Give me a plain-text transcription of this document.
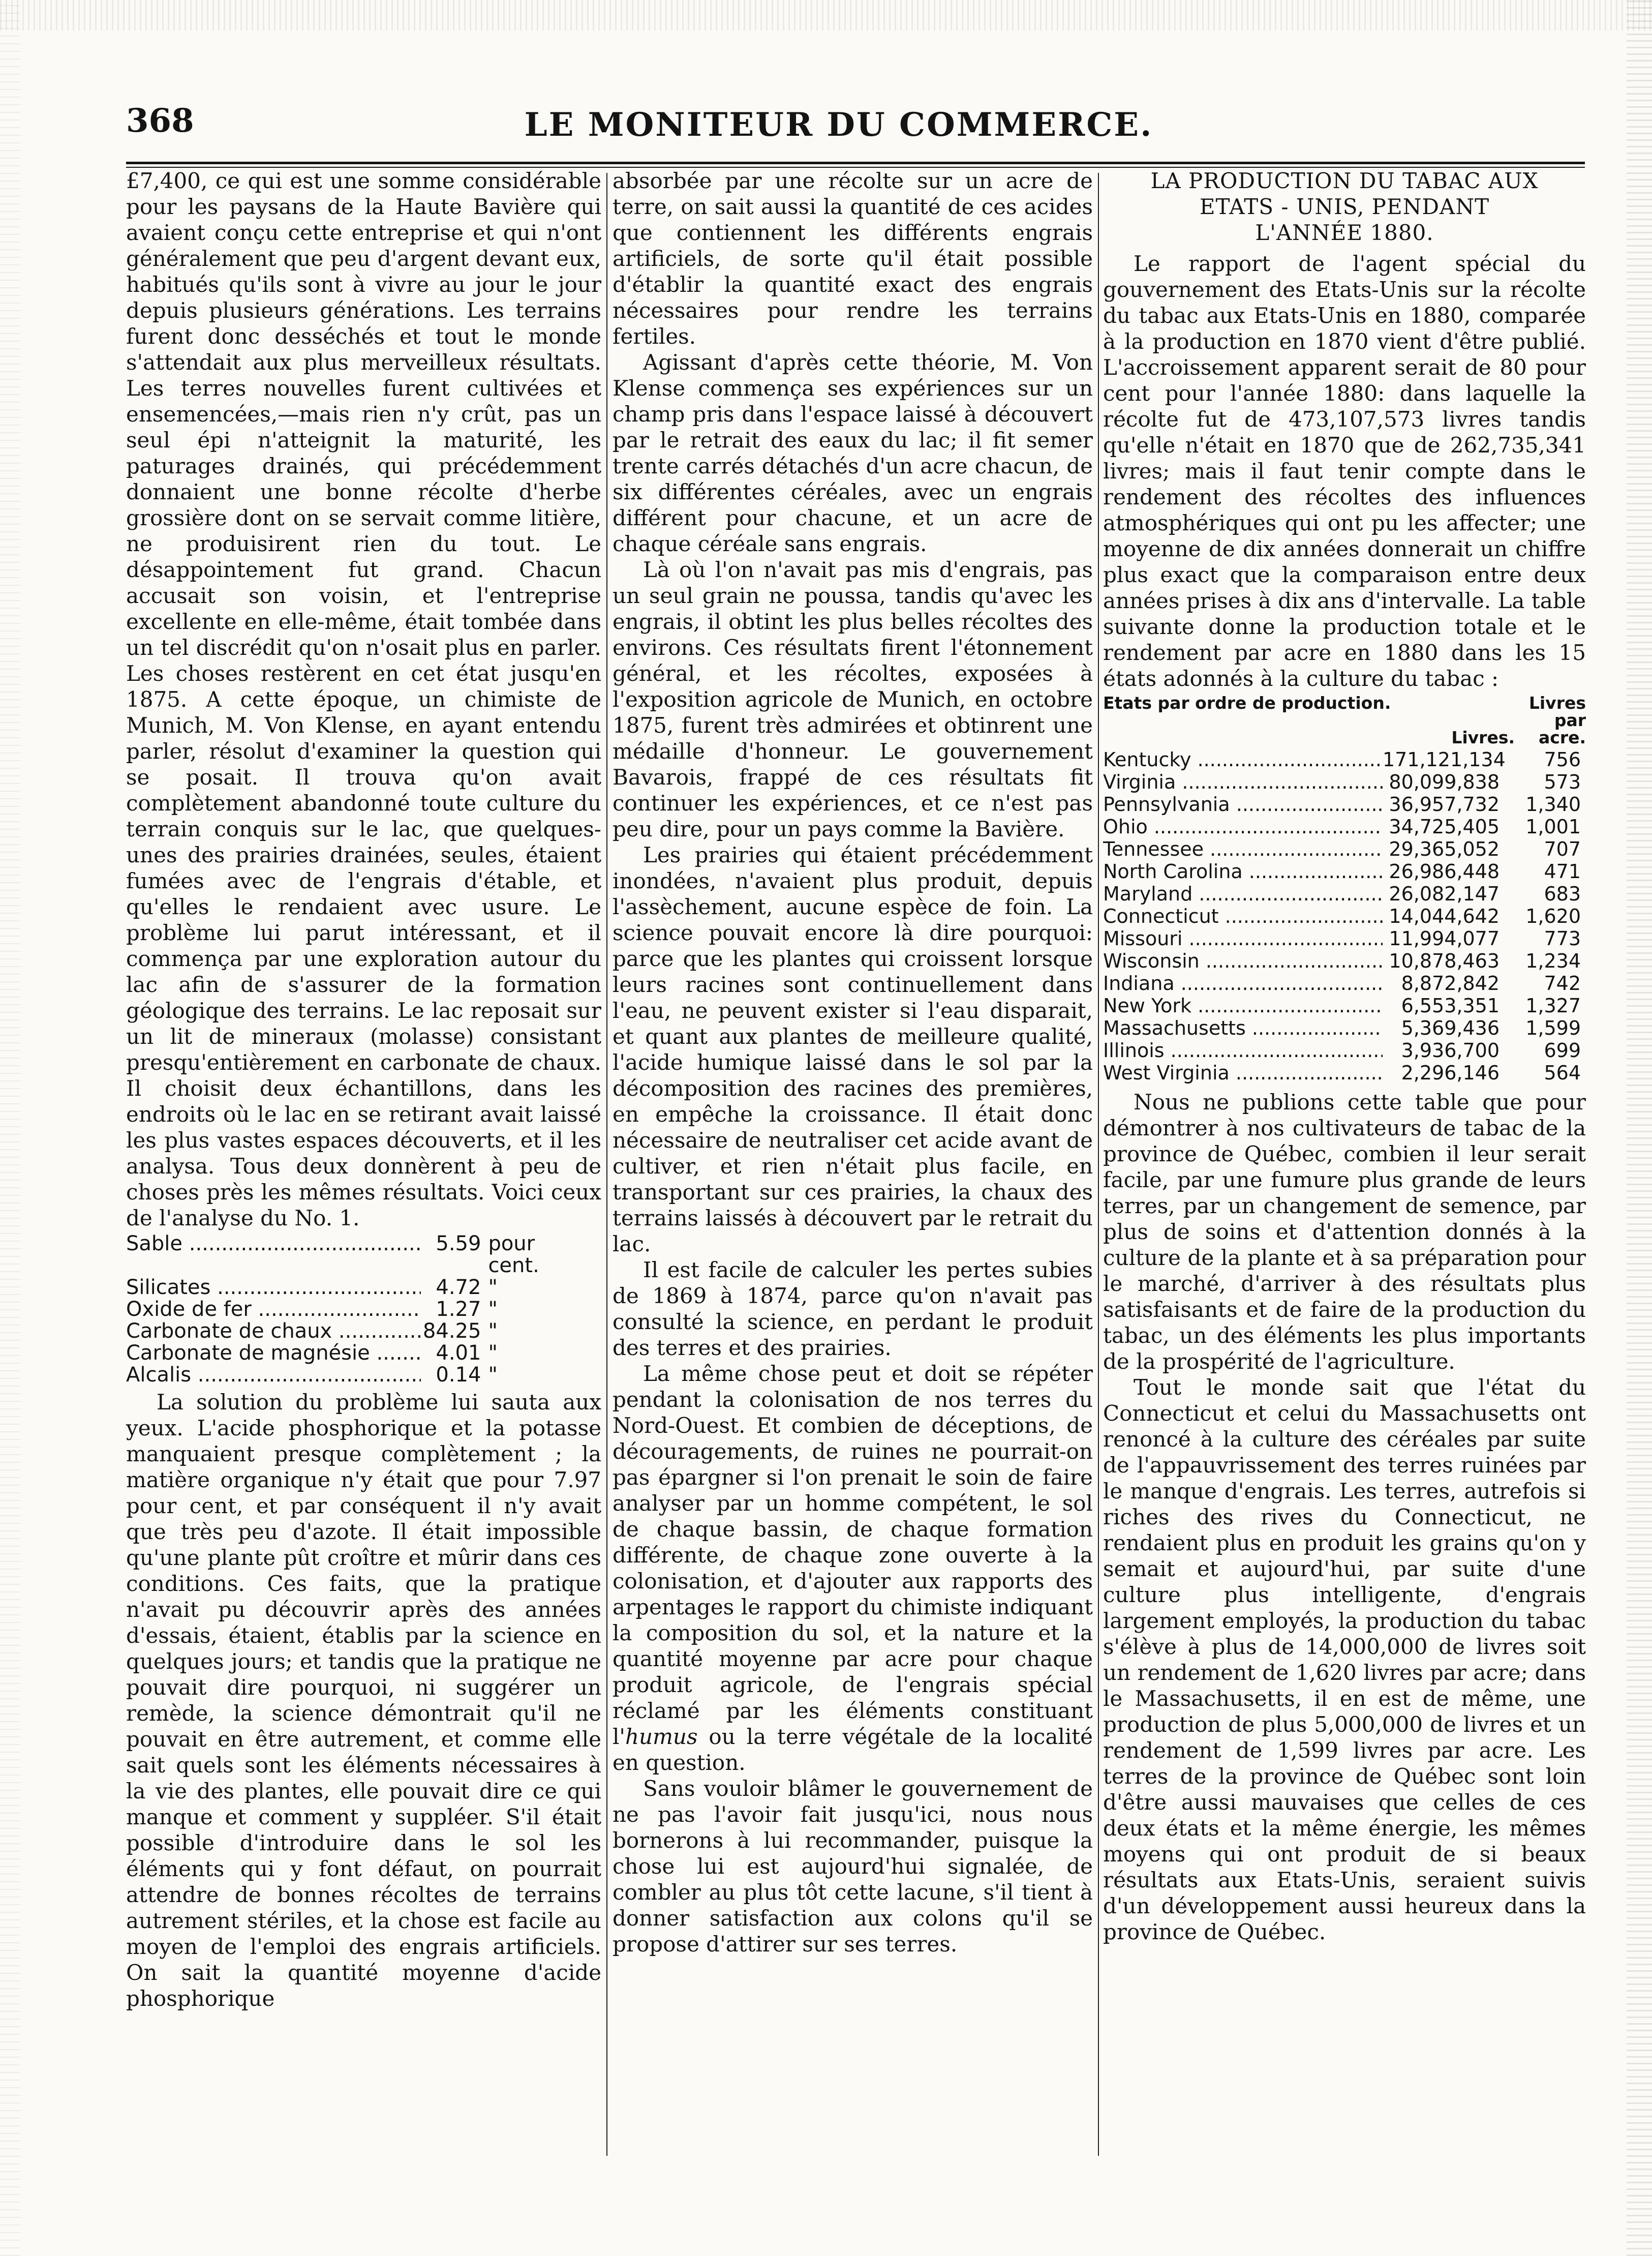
368	LE MONITEUR DU COMMERCE.

£7,400, ce qui est une somme considérable pour les paysans de la Haute Bavière qui avaient conçu cette entreprise et qui n'ont généralement que peu d'argent devant eux, habitués qu'ils sont à vivre au jour le jour depuis plusieurs générations. Les terrains furent donc desséchés et tout le monde s'attendait aux plus merveilleux résultats. Les terres nouvelles furent cultivées et ensemencées,—mais rien n'y crût, pas un seul épi n'atteignit la maturité, les paturages drainés, qui précédemment donnaient une bonne récolte d'herbe grossière dont on se servait comme litière, ne produisirent rien du tout. Le désappointement fut grand. Chacun accusait son voisin, et l'entreprise excellente en elle-même, était tombée dans un tel discrédit qu'on n'osait plus en parler. Les choses restèrent en cet état jusqu'en 1875. A cette époque, un chimiste de Munich, M. Von Klense, en ayant entendu parler, résolut d'examiner la question qui se posait. Il trouva qu'on avait complètement abandonné toute culture du terrain conquis sur le lac, que quelques-unes des prairies drainées, seules, étaient fumées avec de l'engrais d'étable, et qu'elles le rendaient avec usure. Le problème lui parut intéressant, et il commença par une exploration autour du lac afin de s'assurer de la formation géologique des terrains. Le lac reposait sur un lit de mineraux (molasse) consistant presqu'entièrement en carbonate de chaux. Il choisit deux échantillons, dans les endroits où le lac en se retirant avait laissé les plus vastes espaces découverts, et il les analysa. Tous deux donnèrent à peu de choses près les mêmes résultats. Voici ceux de l'analyse du No. 1.

Sable .....	5.59 pour cent.
Silicates .....	4.72 "
Oxide de fer .....	1.27 "
Carbonate de chaux .....	84.25 "
Carbonate de magnésie .....	4.01 "
Alcalis .....	0.14 "

La solution du problème lui sauta aux yeux. L'acide phosphorique et la potasse manquaient presque complètement ; la matière organique n'y était que pour 7.97 pour cent, et par conséquent il n'y avait que très peu d'azote. Il était impossible qu'une plante pût croître et mûrir dans ces conditions. Ces faits, que la pratique n'avait pu découvrir après des années d'essais, étaient, établis par la science en quelques jours; et tandis que la pratique ne pouvait dire pourquoi, ni suggérer un remède, la science démontrait qu'il ne pouvait en être autrement, et comme elle sait quels sont les éléments nécessaires à la vie des plantes, elle pouvait dire ce qui manque et comment y suppléer. S'il était possible d'introduire dans le sol les éléments qui y font défaut, on pourrait attendre de bonnes récoltes de terrains autrement stériles, et la chose est facile au moyen de l'emploi des engrais artificiels. On sait la quantité moyenne d'acide phosphorique

absorbée par une récolte sur un acre de terre, on sait aussi la quantité de ces acides que contiennent les différents engrais artificiels, de sorte qu'il était possible d'établir la quantité exact des engrais nécessaires pour rendre les terrains fertiles.

Agissant d'après cette théorie, M. Von Klense commença ses expériences sur un champ pris dans l'espace laissé à découvert par le retrait des eaux du lac; il fit semer trente carrés détachés d'un acre chacun, de six différentes céréales, avec un engrais différent pour chacune, et un acre de chaque céréale sans engrais.

Là où l'on n'avait pas mis d'engrais, pas un seul grain ne poussa, tandis qu'avec les engrais, il obtint les plus belles récoltes des environs. Ces résultats firent l'étonnement général, et les récoltes, exposées à l'exposition agricole de Munich, en octobre 1875, furent très admirées et obtinrent une médaille d'honneur. Le gouvernement Bavarois, frappé de ces résultats fit continuer les expériences, et ce n'est pas peu dire, pour un pays comme la Bavière.

Les prairies qui étaient précédemment inondées, n'avaient plus produit, depuis l'assèchement, aucune espèce de foin. La science pouvait encore là dire pourquoi: parce que les plantes qui croissent lorsque leurs racines sont continuellement dans l'eau, ne peuvent exister si l'eau disparait, et quant aux plantes de meilleure qualité, l'acide humique laissé dans le sol par la décomposition des racines des premières, en empêche la croissance. Il était donc nécessaire de neutraliser cet acide avant de cultiver, et rien n'était plus facile, en transportant sur ces prairies, la chaux des terrains laissés à découvert par le retrait du lac.

Il est facile de calculer les pertes subies de 1869 à 1874, parce qu'on n'avait pas consulté la science, en perdant le produit des terres et des prairies.

La même chose peut et doit se répéter pendant la colonisation de nos terres du Nord-Ouest. Et combien de déceptions, de découragements, de ruines ne pourrait-on pas épargner si l'on prenait le soin de faire analyser par un homme compétent, le sol de chaque bassin, de chaque formation différente, de chaque zone ouverte à la colonisation, et d'ajouter aux rapports des arpentages le rapport du chimiste indiquant la composition du sol, et la nature et la quantité moyenne par acre pour chaque produit agricole, de l'engrais spécial réclamé par les éléments constituant l'humus ou la terre végétale de la localité en question.

Sans vouloir blâmer le gouvernement de ne pas l'avoir fait jusqu'ici, nous nous bornerons à lui recommander, puisque la chose lui est aujourd'hui signalée, de combler au plus tôt cette lacune, s'il tient à donner satisfaction aux colons qu'il se propose d'attirer sur ses terres.

LA PRODUCTION DU TABAC AUX
ETATS - UNIS, PENDANT
L'ANNÉE 1880.

Le rapport de l'agent spécial du gouvernement des Etats-Unis sur la récolte du tabac aux Etats-Unis en 1880, comparée à la production en 1870 vient d'être publié. L'accroissement apparent serait de 80 pour cent pour l'année 1880: dans laquelle la récolte fut de 473,107,573 livres tandis qu'elle n'était en 1870 que de 262,735,341 livres; mais il faut tenir compte dans le rendement des récoltes des influences atmosphériques qui ont pu les affecter; une moyenne de dix années donnerait un chiffre plus exact que la comparaison entre deux années prises à dix ans d'intervalle. La table suivante donne la production totale et le rendement par acre en 1880 dans les 15 états adonnés à la culture du tabac :

Etats par ordre de production.
Livres.
Livres par acre.
Kentucky .....	171,121,134	756
Virginia .....	80,099,838	573
Pennsylvania .....	36,957,732	1,340
Ohio .....	34,725,405	1,001
Tennessee .....	29,365,052	707
North Carolina .....	26,986,448	471
Maryland .....	26,082,147	683
Connecticut .....	14,044,642	1,620
Missouri .....	11,994,077	773
Wisconsin .....	10,878,463	1,234
Indiana .....	8,872,842	742
New York .....	6,553,351	1,327
Massachusetts .....	5,369,436	1,599
Illinois .....	3,936,700	699
West Virginia .....	2,296,146	564

Nous ne publions cette table que pour démontrer à nos cultivateurs de tabac de la province de Québec, combien il leur serait facile, par une fumure plus grande de leurs terres, par un changement de semence, par plus de soins et d'attention donnés à la culture de la plante et à sa préparation pour le marché, d'arriver à des résultats plus satisfaisants et de faire de la production du tabac, un des éléments les plus importants de la prospérité de l'agriculture.

Tout le monde sait que l'état du Connecticut et celui du Massachusetts ont renoncé à la culture des céréales par suite de l'appauvrissement des terres ruinées par le manque d'engrais. Les terres, autrefois si riches des rives du Connecticut, ne rendaient plus en produit les grains qu'on y semait et aujourd'hui, par suite d'une culture plus intelligente, d'engrais largement employés, la production du tabac s'élève à plus de 14,000,000 de livres soit un rendement de 1,620 livres par acre; dans le Massachusetts, il en est de même, une production de plus 5,000,000 de livres et un rendement de 1,599 livres par acre. Les terres de la province de Québec sont loin d'être aussi mauvaises que celles de ces deux états et la même énergie, les mêmes moyens qui ont produit de si beaux résultats aux Etats-Unis, seraient suivis d'un développement aussi heureux dans la province de Québec.
